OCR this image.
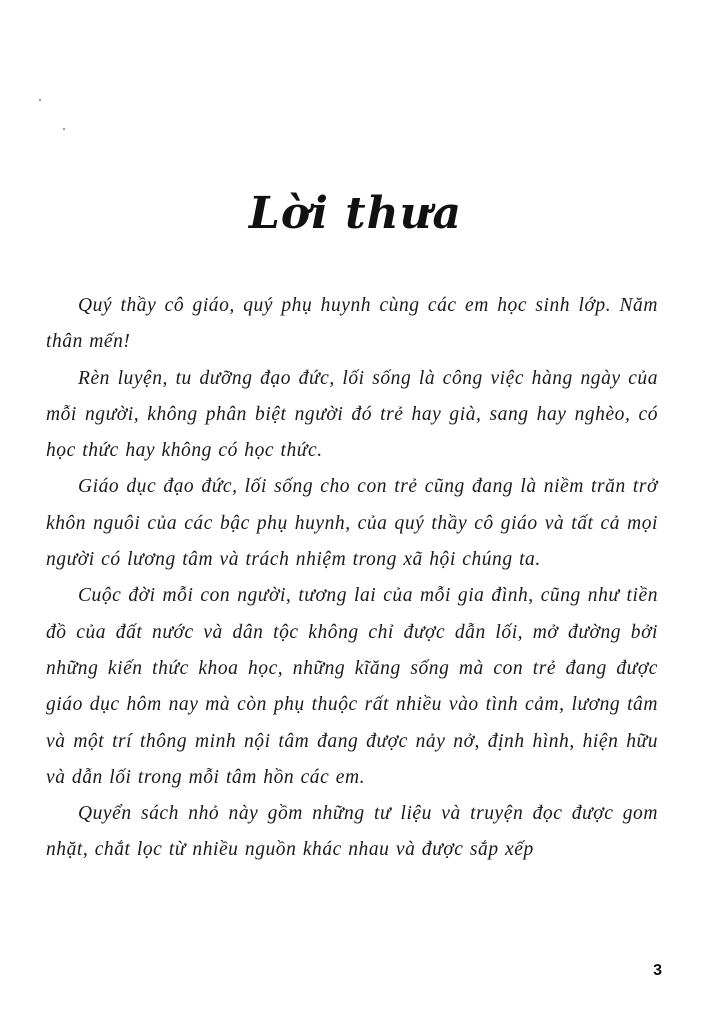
Lời thưa

Quý thầy cô giáo, quý phụ huynh cùng các em học sinh lớp. Năm thân mến!

Rèn luyện, tu dưỡng đạo đức, lối sống là công việc hàng ngày của mỗi người, không phân biệt người đó trẻ hay già, sang hay nghèo, có học thức hay không có học thức.

Giáo dục đạo đức, lối sống cho con trẻ cũng đang là niềm trăn trở khôn nguôi của các bậc phụ huynh, của quý thầy cô giáo và tất cả mọi người có lương tâm và trách nhiệm trong xã hội chúng ta.

Cuộc đời mỗi con người, tương lai của mỗi gia đình, cũng như tiền đồ của đất nước và dân tộc không chỉ được dẫn lối, mở đường bởi những kiến thức khoa học, những kĩăng sống mà con trẻ đang được giáo dục hôm nay mà còn phụ thuộc rất nhiều vào tình cảm, lương tâm và một trí thông minh nội tâm đang được nảy nở, định hình, hiện hữu và dẫn lối trong mỗi tâm hồn các em.

Quyển sách nhỏ này gồm những tư liệu và truyện đọc được gom nhặt, chắt lọc từ nhiều nguồn khác nhau và được sắp xếp

3
